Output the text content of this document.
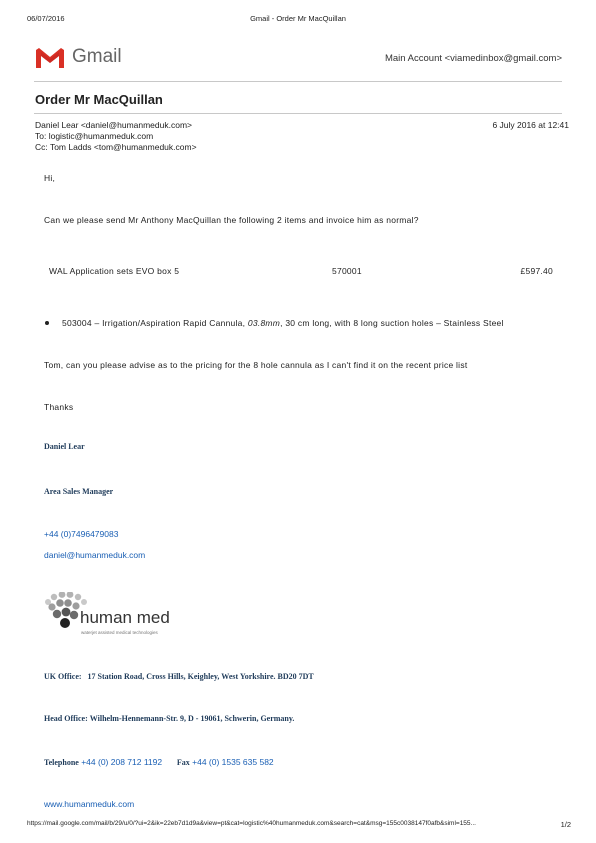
06/07/2016	Gmail - Order Mr MacQuillan
Gmail	Main Account <viamedinbox@gmail.com>
Order Mr MacQuillan
Daniel Lear <daniel@humanmeduk.com>	6 July 2016 at 12:41
To: logistic@humanmeduk.com
Cc: Tom Ladds <tom@humanmeduk.com>
Hi,
Can we please send Mr Anthony MacQuillan the following 2 items and invoice him as normal?
WAL Application sets EVO box 5	570001	£597.40
503004 – Irrigation/Aspiration Rapid Cannula, 03.8mm, 30 cm long, with 8 long suction holes – Stainless Steel
Tom, can you please advise as to the pricing for the 8 hole cannula as I can't find it on the recent price list
Thanks
Daniel Lear
Area Sales Manager
+44 (0)7496479083
daniel@humanmeduk.com
human med
waterjet assisted medical technologies
UK Office: 17 Station Road, Cross Hills, Keighley, West Yorkshire. BD20 7DT
Head Office: Wilhelm-Hennemann-Str. 9, D - 19061, Schwerin, Germany.
Telephone +44 (0) 208 712 1192 Fax +44 (0) 1535 635 582
www.humanmeduk.com
https://mail.google.com/mail/b/29/u/0/?ui=2&ik=22eb7d1d9a&view=pt&cat=logistic%40humanmeduk.com&search=cat&msg=155c0038147f0afb&siml=155...	1/2
